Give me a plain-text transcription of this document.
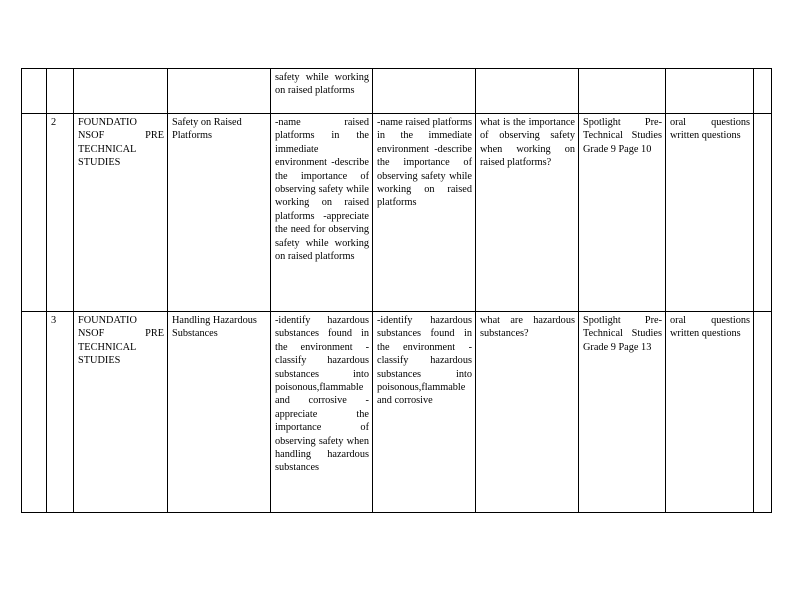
				safety while working on raised platforms					
	2	FOUNDATIO NSOF PRE TECHNICAL STUDIES	Safety on Raised Platforms	-name raised platforms in the immediate environment -describe the importance of observing safety while working on raised platforms -appreciate the need for observing safety while working on raised platforms	-name raised platforms in the immediate environment -describe the importance of observing safety while working on raised platforms	what is the importance of observing safety when working on raised platforms?	Spotlight Pre-Technical Studies Grade 9 Page 10	oral questions written questions	
	3	FOUNDATIO NSOF PRE TECHNICAL STUDIES	Handling Hazardous Substances	-identify hazardous substances found in the environment -classify hazardous substances into poisonous,flammable and corrosive -appreciate the importance of observing safety when handling hazardous substances	-identify hazardous substances found in the environment -classify hazardous substances into poisonous,flammable and corrosive	what are hazardous substances?	Spotlight Pre-Technical Studies Grade 9 Page 13	oral questions written questions	
